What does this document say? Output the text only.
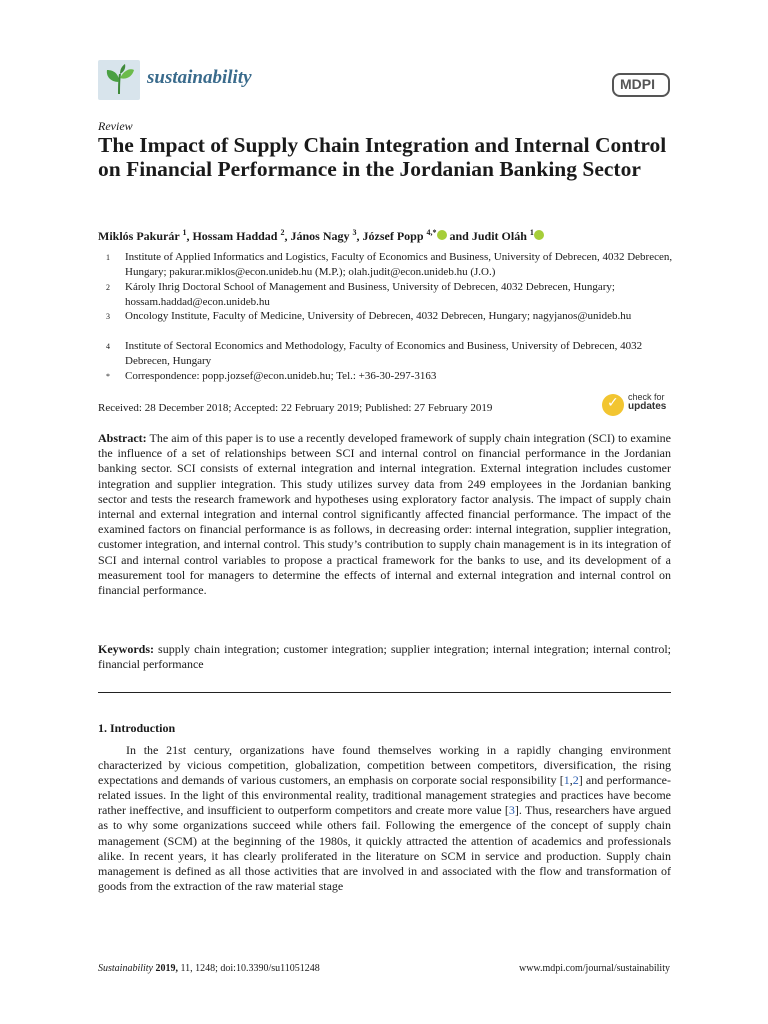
sustainability	MDPI
Review
The Impact of Supply Chain Integration and Internal Control on Financial Performance in the Jordanian Banking Sector
Miklós Pakurár $^1$, Hossam Haddad $^2$, János Nagy $^3$, József Popp $^{4,*}$ and Judit Oláh $^1$
1	Institute of Applied Informatics and Logistics, Faculty of Economics and Business, University of Debrecen, 4032 Debrecen, Hungary; pakurar.miklos@econ.unideb.hu (M.P.); olah.judit@econ.unideb.hu (J.O.)
2	Károly Ihrig Doctoral School of Management and Business, University of Debrecen, 4032 Debrecen, Hungary; hossam.haddad@econ.unideb.hu
3	Oncology Institute, Faculty of Medicine, University of Debrecen, 4032 Debrecen, Hungary; nagyjanos@unideb.hu
4	Institute of Sectoral Economics and Methodology, Faculty of Economics and Business, University of Debrecen, 4032 Debrecen, Hungary
*	Correspondence: popp.jozsef@econ.unideb.hu; Tel.: +36-30-297-3163
Received: 28 December 2018; Accepted: 22 February 2019; Published: 27 February 2019	✓ check for
updates
Abstract: The aim of this paper is to use a recently developed framework of supply chain integration (SCI) to examine the influence of a set of relationships between SCI and internal control on financial performance in the Jordanian banking sector. SCI consists of external integration and internal integration. External integration includes customer integration and supplier integration. This study utilizes survey data from 249 employees in the Jordanian banking sector and tests the research framework and hypotheses using exploratory factor analysis. The impact of supply chain internal and external integration and internal control significantly affected financial performance. The impact of the examined factors on financial performance is as follows, in decreasing order: internal integration, supplier integration, customer integration, and internal control. This study’s contribution to supply chain management is in its integration of SCI and internal control variables to propose a practical framework for the banks to use, and its development of a measurement tool for managers to determine the effects of internal and external integration and internal control on financial performance.
Keywords: supply chain integration; customer integration; supplier integration; internal integration; internal control; financial performance
1. Introduction
In the 21st century, organizations have found themselves working in a rapidly changing environment characterized by vicious competition, globalization, competition between competitors, diversification, the rising expectations and demands of various customers, an emphasis on corporate social responsibility [1,2] and performance-related issues. In the light of this environmental reality, traditional management strategies and practices have become rather ineffective, and insufficient to outperform competitors and create more value [3]. Thus, researchers have argued as to why some organizations succeed while others fail. Following the emergence of the concept of supply chain management (SCM) at the beginning of the 1980s, it quickly attracted the attention of academics and professionals alike. In recent years, it has clearly proliferated in the literature on SCM in service and production. Supply chain management is defined as all those activities that are involved in and associated with the flow and transformation of goods from the extraction of the raw material stage
Sustainability 2019, 11, 1248; doi:10.3390/su11051248	www.mdpi.com/journal/sustainability
